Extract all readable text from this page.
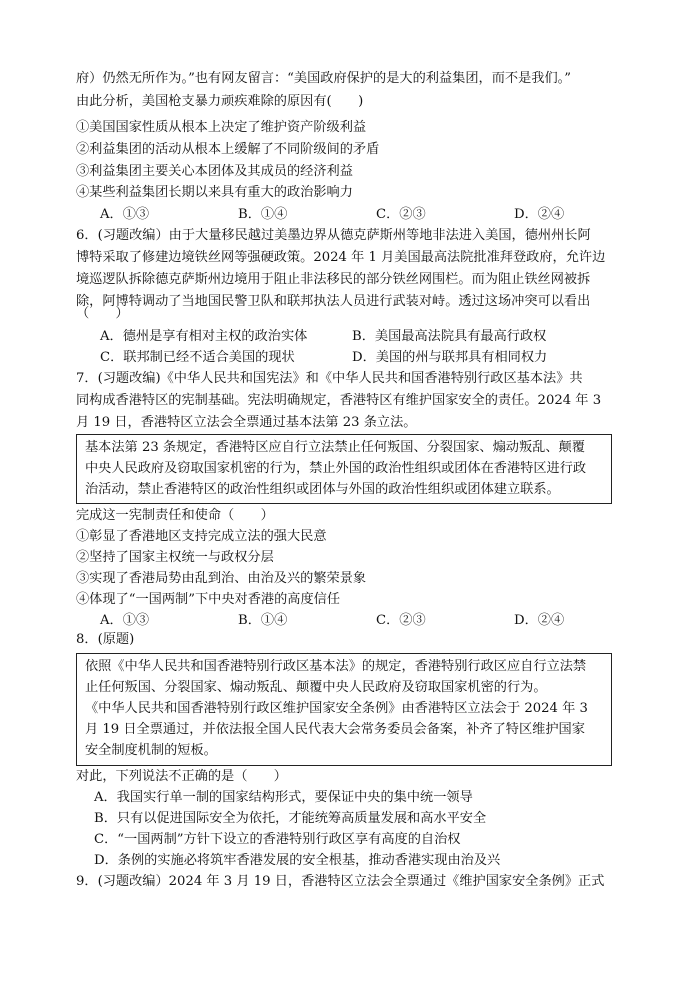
府）仍然无所作为。”也有网友留言：“美国政府保护的是大的利益集团，而不是我们。”
由此分析，美国枪支暴力顽疾难除的原因有(　　)
①美国国家性质从根本上决定了维护资产阶级利益
②利益集团的活动从根本上缓解了不同阶级间的矛盾
③利益集团主要关心本团体及其成员的经济利益
④某些利益集团长期以来具有重大的政治影响力
A．①③	B．①④	C．②③	D．②④
6．(习题改编）由于大量移民越过美墨边界从德克萨斯州等地非法进入美国，德州州长阿
博特采取了修建边境铁丝网等强硬政策。2024 年 1 月美国最高法院批准拜登政府，允许边
境巡逻队拆除德克萨斯州边境用于阻止非法移民的部分铁丝网围栏。而为阻止铁丝网被拆
除，阿博特调动了当地国民警卫队和联邦执法人员进行武装对峙。透过这场冲突可以看出
（　　）
A．德州是享有相对主权的政治实体	B．美国最高法院具有最高行政权
C．联邦制已经不适合美国的现状	D．美国的州与联邦具有相同权力
7．(习题改编)《中华人民共和国宪法》和《中华人民共和国香港特别行政区基本法》共
同构成香港特区的宪制基础。宪法明确规定，香港特区有维护国家安全的责任。2024 年 3
月 19 日，香港特区立法会全票通过基本法第 23 条立法。

基本法第 23 条规定，香港特区应自行立法禁止任何叛国、分裂国家、煽动叛乱、颠覆

中央人民政府及窃取国家机密的行为，禁止外国的政治性组织或团体在香港特区进行政

治活动，禁止香港特区的政治性组织或团体与外国的政治性组织或团体建立联系。

完成这一宪制责任和使命（　　）
①彰显了香港地区支持完成立法的强大民意
②坚持了国家主权统一与政权分层
③实现了香港局势由乱到治、由治及兴的繁荣景象
④体现了“一国两制”下中央对香港的高度信任
A．①③	B．①④	C．②③	D．②④
8．(原题)

依照《中华人民共和国香港特别行政区基本法》的规定，香港特别行政区应自行立法禁

止任何叛国、分裂国家、煽动叛乱、颠覆中央人民政府及窃取国家机密的行为。

《中华人民共和国香港特别行政区维护国家安全条例》由香港特区立法会于 2024 年 3

月 19 日全票通过，并依法报全国人民代表大会常务委员会备案，补齐了特区维护国家

安全制度机制的短板。

对此，下列说法不正确的是（　　）
A．我国实行单一制的国家结构形式，要保证中央的集中统一领导
B．只有以促进国际安全为依托，才能统筹高质量发展和高水平安全
C．“一国两制”方针下设立的香港特别行政区享有高度的自治权
D．条例的实施必将筑牢香港发展的安全根基，推动香港实现由治及兴
9．(习题改编）2024 年 3 月 19 日，香港特区立法会全票通过《维护国家安全条例》正式
